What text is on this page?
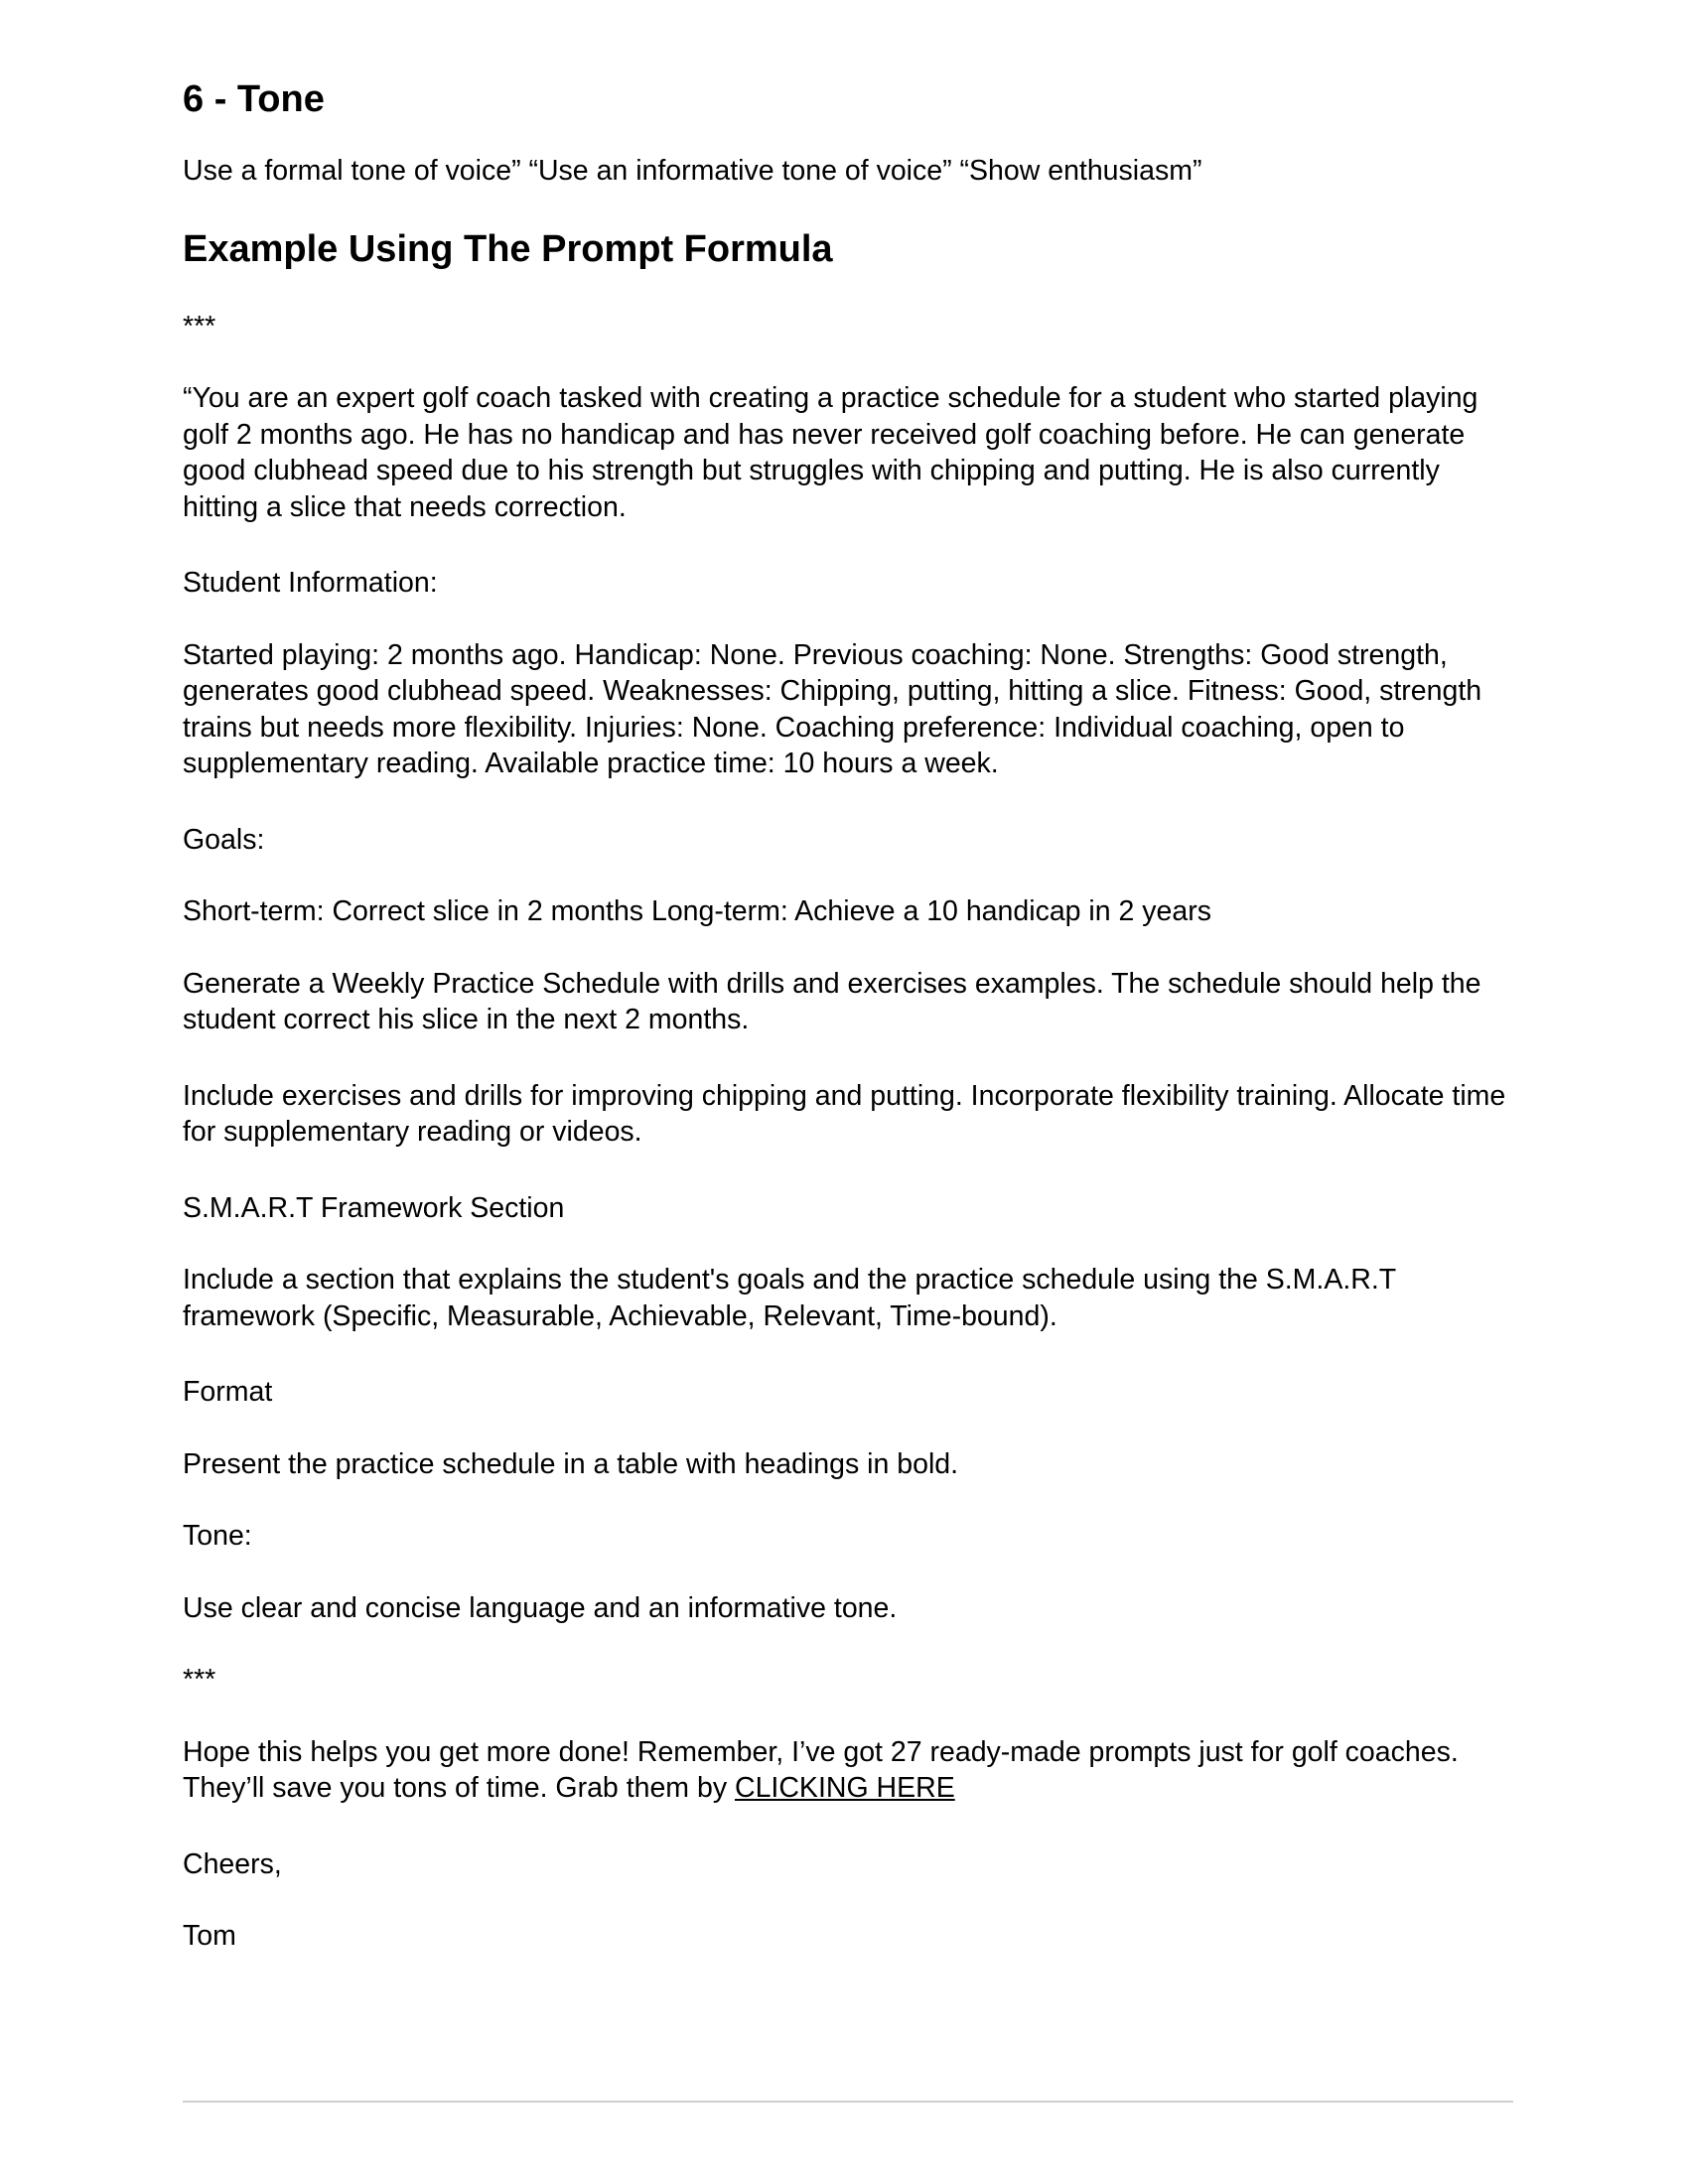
6 - Tone
Use a formal tone of voice” “Use an informative tone of voice” “Show enthusiasm”
Example Using The Prompt Formula
***
“You are an expert golf coach tasked with creating a practice schedule for a student who started playing golf 2 months ago. He has no handicap and has never received golf coaching before. He can generate good clubhead speed due to his strength but struggles with chipping and putting. He is also currently hitting a slice that needs correction.
Student Information:
Started playing: 2 months ago. Handicap: None. Previous coaching: None. Strengths: Good strength, generates good clubhead speed. Weaknesses: Chipping, putting, hitting a slice. Fitness: Good, strength trains but needs more flexibility. Injuries: None. Coaching preference: Individual coaching, open to supplementary reading. Available practice time: 10 hours a week.
Goals:
Short-term: Correct slice in 2 months Long-term: Achieve a 10 handicap in 2 years
Generate a Weekly Practice Schedule with drills and exercises examples. The schedule should help the student correct his slice in the next 2 months.
Include exercises and drills for improving chipping and putting. Incorporate flexibility training. Allocate time for supplementary reading or videos.
S.M.A.R.T Framework Section
Include a section that explains the student's goals and the practice schedule using the S.M.A.R.T framework (Specific, Measurable, Achievable, Relevant, Time-bound).
Format
Present the practice schedule in a table with headings in bold.
Tone:
Use clear and concise language and an informative tone.
***
Hope this helps you get more done! Remember, I’ve got 27 ready-made prompts just for golf coaches. They’ll save you tons of time. Grab them by CLICKING HERE
Cheers,
Tom
